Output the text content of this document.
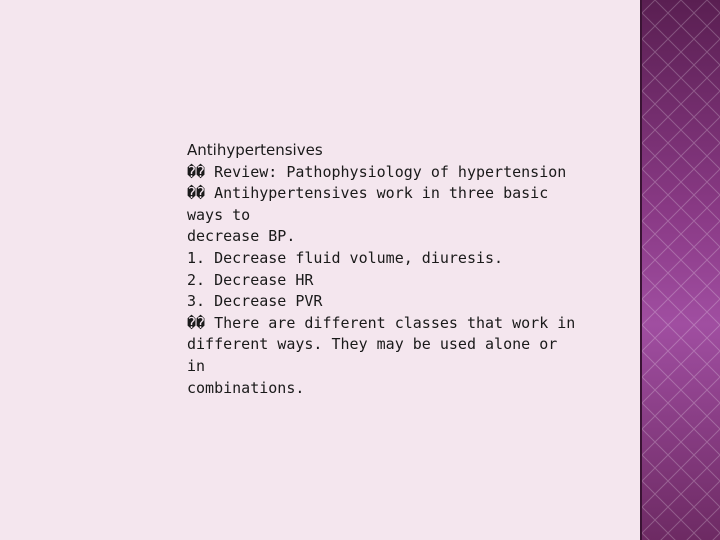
Antihypertensives
�� Review: Pathophysiology of hypertension
�� Antihypertensives work in three basic
ways to
decrease BP.
1. Decrease fluid volume, diuresis.
2. Decrease HR
3. Decrease PVR
�� There are different classes that work in
different ways. They may be used alone or
in
combinations.
